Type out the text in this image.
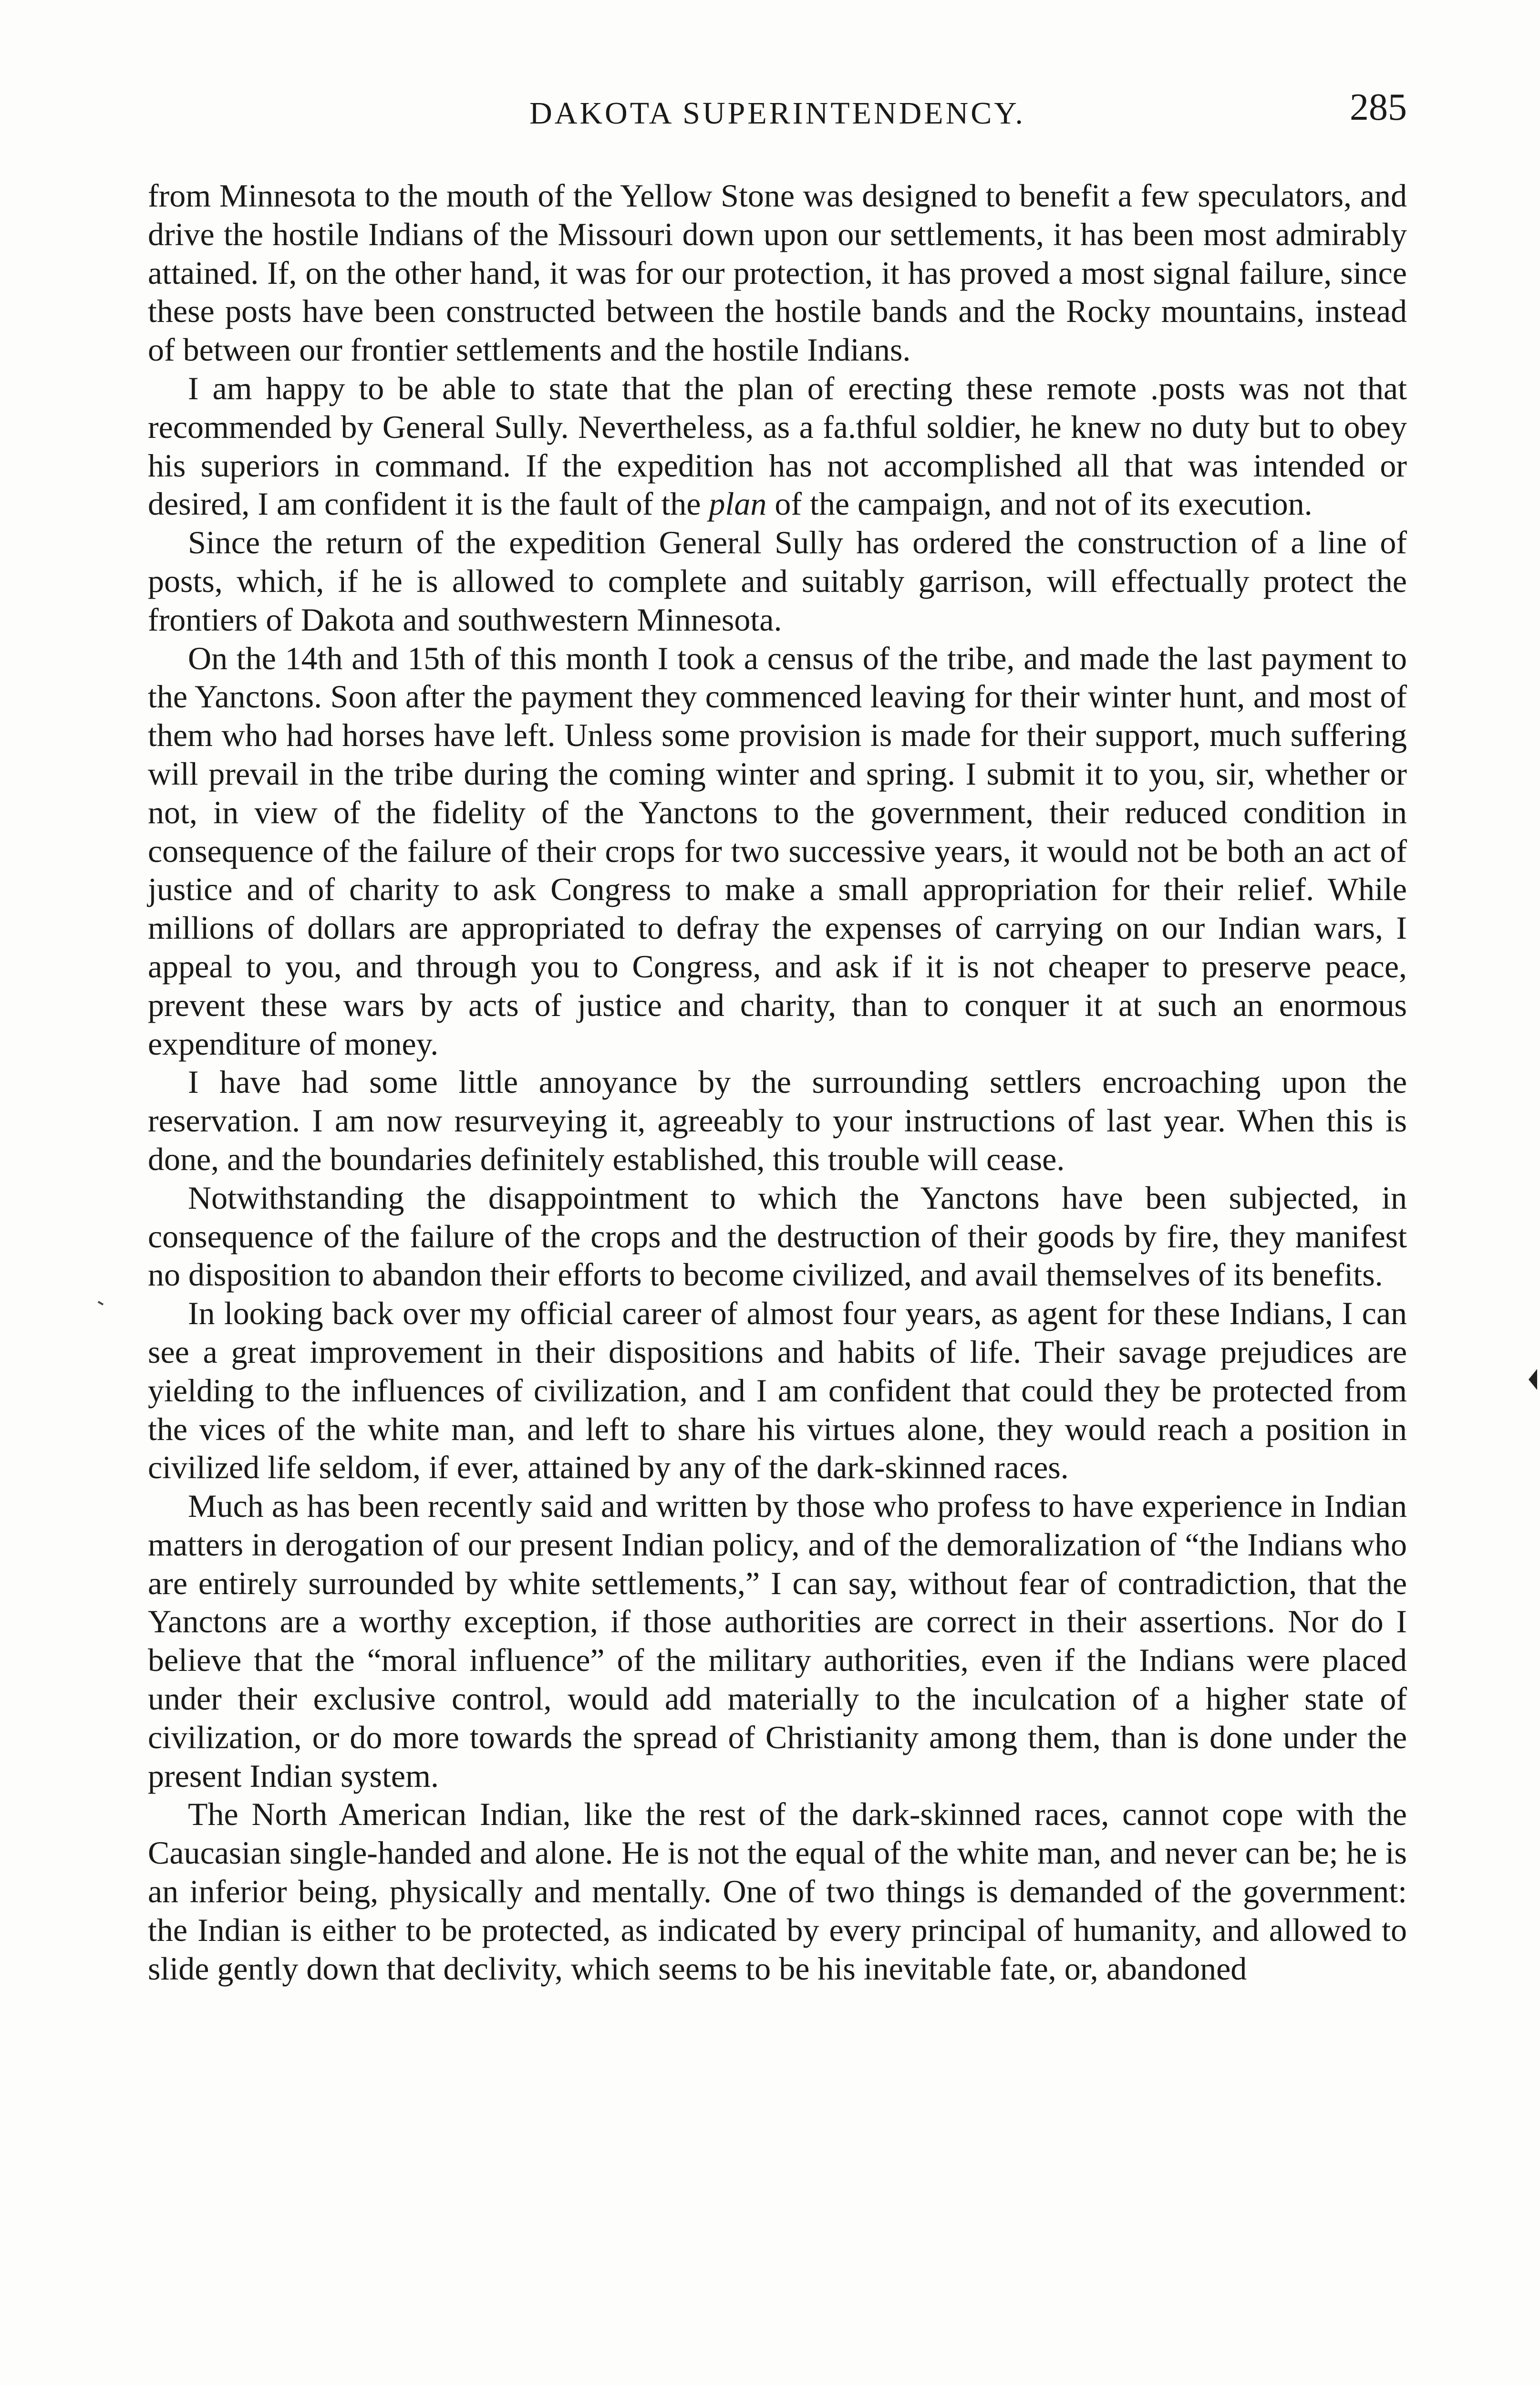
DAKOTA SUPERINTENDENCY.	285

from Minnesota to the mouth of the Yellow Stone was designed to benefit a few speculators, and drive the hostile Indians of the Missouri down upon our settlements, it has been most admirably attained. If, on the other hand, it was for our protection, it has proved a most signal failure, since these posts have been constructed between the hostile bands and the Rocky mountains, instead of between our frontier settlements and the hostile Indians.

I am happy to be able to state that the plan of erecting these remote .posts was not that recommended by General Sully. Nevertheless, as a fa.thful soldier, he knew no duty but to obey his superiors in command. If the expedition has not accomplished all that was intended or desired, I am confident it is the fault of the plan of the campaign, and not of its execution.

Since the return of the expedition General Sully has ordered the construction of a line of posts, which, if he is allowed to complete and suitably garrison, will effectually protect the frontiers of Dakota and southwestern Minnesota.

On the 14th and 15th of this month I took a census of the tribe, and made the last payment to the Yanctons. Soon after the payment they commenced leaving for their winter hunt, and most of them who had horses have left. Unless some provision is made for their support, much suffering will prevail in the tribe during the coming winter and spring. I submit it to you, sir, whether or not, in view of the fidelity of the Yanctons to the government, their reduced condition in consequence of the failure of their crops for two successive years, it would not be both an act of justice and of charity to ask Congress to make a small appropriation for their relief. While millions of dollars are appropriated to defray the expenses of carrying on our Indian wars, I appeal to you, and through you to Congress, and ask if it is not cheaper to preserve peace, prevent these wars by acts of justice and charity, than to conquer it at such an enormous expenditure of money.

I have had some little annoyance by the surrounding settlers encroaching upon the reservation. I am now resurveying it, agreeably to your instructions of last year. When this is done, and the boundaries definitely established, this trouble will cease.

Notwithstanding the disappointment to which the Yanctons have been subjected, in consequence of the failure of the crops and the destruction of their goods by fire, they manifest no disposition to abandon their efforts to become civilized, and avail themselves of its benefits.

In looking back over my official career of almost four years, as agent for these Indians, I can see a great improvement in their dispositions and habits of life. Their savage prejudices are yielding to the influences of civilization, and I am confident that could they be protected from the vices of the white man, and left to share his virtues alone, they would reach a position in civilized life seldom, if ever, attained by any of the dark-skinned races.

Much as has been recently said and written by those who profess to have experience in Indian matters in derogation of our present Indian policy, and of the demoralization of “the Indians who are entirely surrounded by white settlements,” I can say, without fear of contradiction, that the Yanctons are a worthy exception, if those authorities are correct in their assertions. Nor do I believe that the “moral influence” of the military authorities, even if the Indians were placed under their exclusive control, would add materially to the inculcation of a higher state of civilization, or do more towards the spread of Christianity among them, than is done under the present Indian system.

The North American Indian, like the rest of the dark-skinned races, cannot cope with the Caucasian single-handed and alone. He is not the equal of the white man, and never can be; he is an inferior being, physically and mentally. One of two things is demanded of the government: the Indian is either to be protected, as indicated by every principal of humanity, and allowed to slide gently down that declivity, which seems to be his inevitable fate, or, abandoned
